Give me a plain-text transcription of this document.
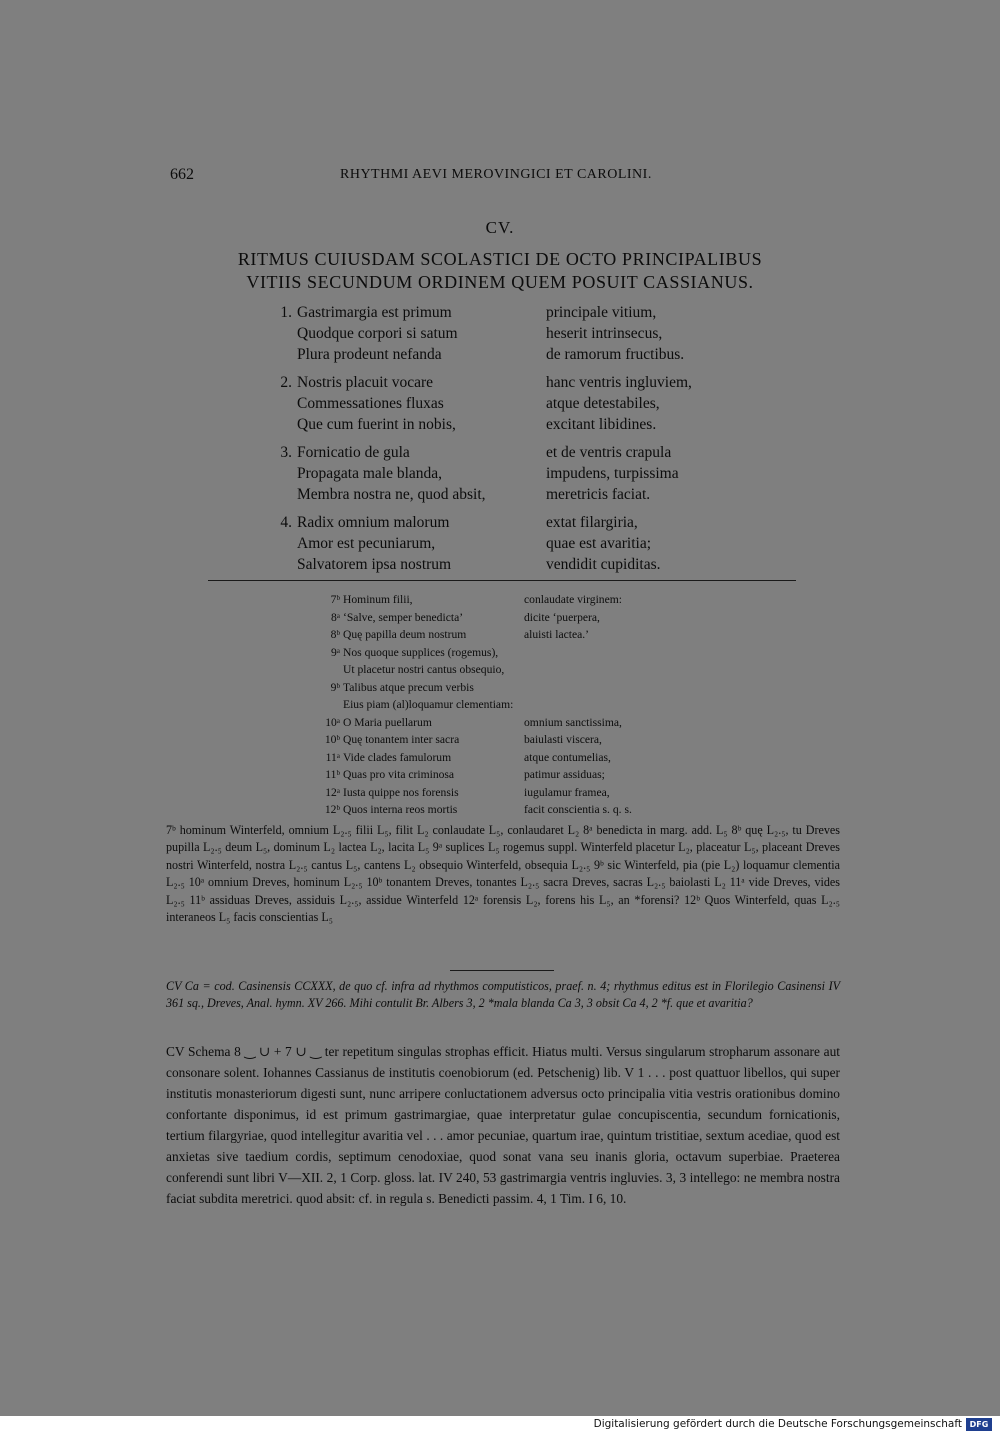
662	RHYTHMI AEVI MEROVINGICI ET CAROLINI.
CV.
RITMUS CUIUSDAM SCOLASTICI DE OCTO PRINCIPALIBUS
VITIIS SECUNDUM ORDINEM QUEM POSUIT CASSIANUS.
1. Gastrimargia est primum	principale vitium,
Quodque corpori si satum	heserit intrinsecus,
Plura prodeunt nefanda	de ramorum fructibus.
2. Nostris placuit vocare	hanc ventris ingluviem,
Commessationes fluxas	atque detestabiles,
Que cum fuerint in nobis,	excitant libidines.
3. Fornicatio de gula	et de ventris crapula
Propagata male blanda,	impudens, turpissima
Membra nostra ne, quod absit,	meretricis faciat.
4. Radix omnium malorum	extat filargiria,
Amor est pecuniarum,	quae est avaritia;
Salvatorem ipsa nostrum	vendidit cupiditas.
7ᵇ Hominum filii,	conlaudate virginem:
8ᵃ ‘Salve, semper benedicta’	dicite ‘puerpera,
8ᵇ Quę papilla deum nostrum	aluisti lactea.’
9ᵃ Nos quoque supplices (rogemus),
Ut placetur nostri cantus obsequio,
9ᵇ Talibus atque precum verbis
Eius piam (al)loquamur clementiam:
10ᵃ O Maria puellarum	omnium sanctissima,
10ᵇ Quę tonantem inter sacra	baiulasti viscera,
11ᵃ Vide clades famulorum	atque contumelias,
11ᵇ Quas pro vita criminosa	patimur assiduas;
12ᵃ Iusta quippe nos forensis	iugulamur framea,
12ᵇ Quos interna reos mortis	facit conscientia s. q. s.
7ᵇ hominum Winterfeld, omnium L₂.₅ filii L₅, filit L₂ conlaudate L₅, conlaudaret L₂ 8ᵃ benedicta in marg. add. L₅ 8ᵇ quę L₂.₅, tu Dreves pupilla L₂.₅ deum L₅, dominum L₂ lactea L₂, lacita L₅ 9ᵃ suplices L₅ rogemus suppl. Winterfeld placetur L₂, placeatur L₅, placeant Dreves nostri Winterfeld, nostra L₂.₅ cantus L₅, cantens L₂ obsequio Winterfeld, obsequia L₂.₅ 9ᵇ sic Winterfeld, pia (pie L₂) loquamur clementia L₂.₅ 10ᵃ omnium Dreves, hominum L₂.₅ 10ᵇ tonantem Dreves, tonantes L₂.₅ sacra Dreves, sacras L₂.₅ baiolasti L₂ 11ᵃ vide Dreves, vides L₂.₅ 11ᵇ assiduas Dreves, assiduis L₂.₅, assidue Winterfeld 12ᵃ forensis L₂, forens his L₅, an *forensi? 12ᵇ Quos Winterfeld, quas L₂.₅ interaneos L₅ facis conscientias L₅
CV Ca = cod. Casinensis CCXXX, de quo cf. infra ad rhythmos computisticos, praef. n. 4; rhythmus editus est in Florilegio Casinensi IV 361 sq., Dreves, Anal. hymn. XV 266. Mihi contulit Br. Albers 3, 2 *mala blanda Ca 3, 3 obsit Ca 4, 2 *f. que et avaritia?
CV Schema 8 ‿ ∪ + 7 ∪ ‿ ter repetitum singulas strophas efficit. Hiatus multi. Versus singularum stropharum assonare aut consonare solent. Iohannes Cassianus de institutis coenobiorum (ed. Petschenig) lib. V 1 . . . post quattuor libellos, qui super institutis monasteriorum digesti sunt, nunc arripere conluctationem adversus octo principalia vitia vestris orationibus domino confortante disponimus, id est primum gastrimargiae, quae interpretatur gulae concupiscentia, secundum fornicationis, tertium filargyriae, quod intellegitur avaritia vel . . . amor pecuniae, quartum irae, quintum tristitiae, sextum acediae, quod est anxietas sive taedium cordis, septimum cenodoxiae, quod sonat vana seu inanis gloria, octavum superbiae. Praeterea conferendi sunt libri V—XII. 2, 1 Corp. gloss. lat. IV 240, 53 gastrimargia ventris ingluvies. 3, 3 intellego: ne membra nostra faciat subdita meretrici. quod absit: cf. in regula s. Benedicti passim. 4, 1 Tim. I 6, 10.
Digitalisierung gefördert durch die Deutsche Forschungsgemeinschaft DFG
